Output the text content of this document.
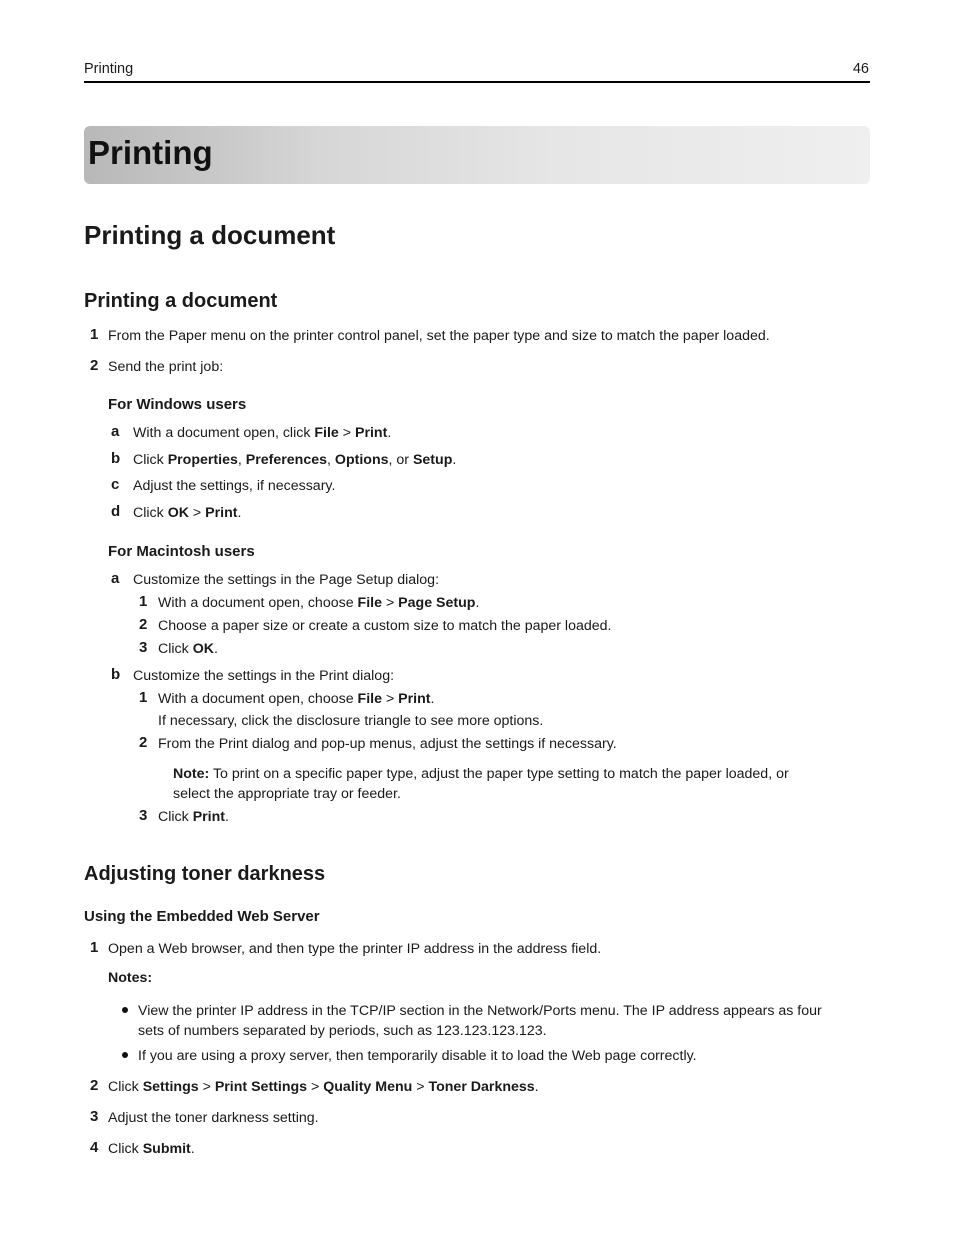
Printing	46
Printing
Printing a document
Printing a document
1 From the Paper menu on the printer control panel, set the paper type and size to match the paper loaded.
2 Send the print job:
For Windows users
a With a document open, click File > Print.
b Click Properties, Preferences, Options, or Setup.
c Adjust the settings, if necessary.
d Click OK > Print.
For Macintosh users
a Customize the settings in the Page Setup dialog:
1 With a document open, choose File > Page Setup.
2 Choose a paper size or create a custom size to match the paper loaded.
3 Click OK.
b Customize the settings in the Print dialog:
1 With a document open, choose File > Print.
If necessary, click the disclosure triangle to see more options.
2 From the Print dialog and pop-up menus, adjust the settings if necessary.
Note: To print on a specific paper type, adjust the paper type setting to match the paper loaded, or
select the appropriate tray or feeder.
3 Click Print.
Adjusting toner darkness
Using the Embedded Web Server
1 Open a Web browser, and then type the printer IP address in the address field.
Notes:
View the printer IP address in the TCP/IP section in the Network/Ports menu. The IP address appears as four
sets of numbers separated by periods, such as 123.123.123.123.
If you are using a proxy server, then temporarily disable it to load the Web page correctly.
2 Click Settings > Print Settings > Quality Menu > Toner Darkness.
3 Adjust the toner darkness setting.
4 Click Submit.
